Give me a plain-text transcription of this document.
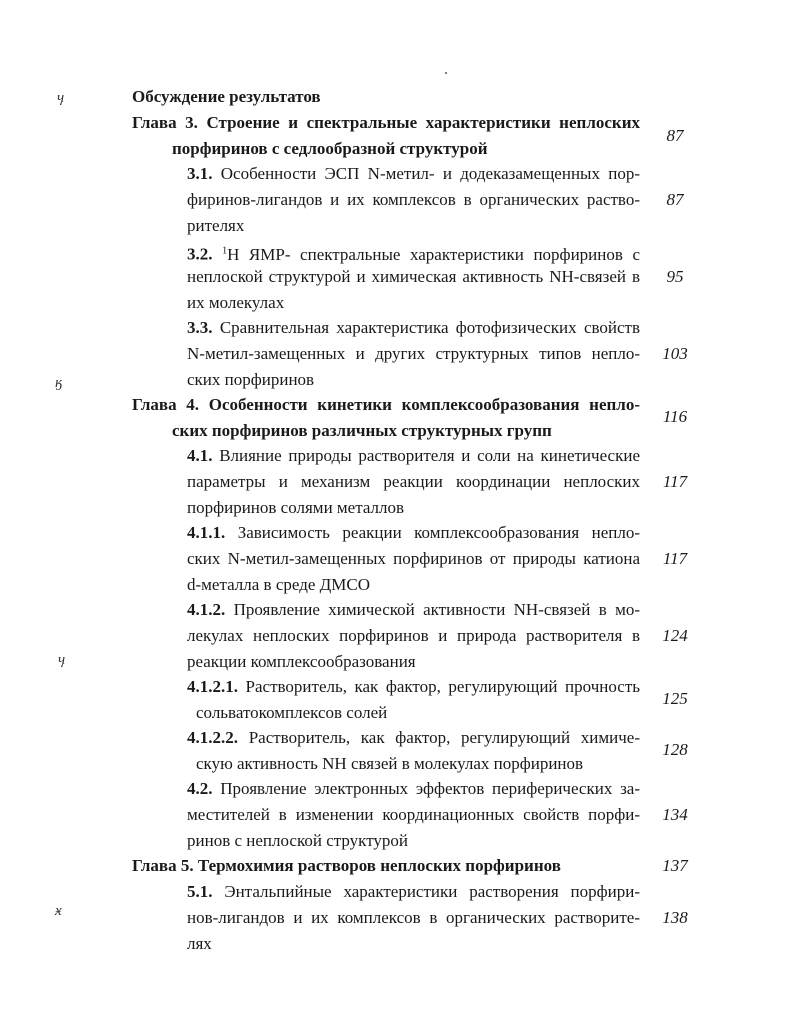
ӌ
ӄ
ӌ
ӿ
Обсуждение результатов
Глава 3. Строение и спектральные характеристики неплоских
порфиринов с седлообразной структурой
87
3.1. Особенности ЭСП N-метил- и додеказамещенных пор-
фиринов-лигандов и их комплексов в органических раство-
рителях
87
3.2. $^1$Н ЯМР- спектральные характеристики порфиринов с
неплоской структурой и химическая активность NH-связей в
их молекулах
95
3.3. Сравнительная характеристика фотофизических свойств
N-метил-замещенных и других структурных типов непло-
ских порфиринов
103
Глава 4. Особенности кинетики комплексообразования непло-
ских порфиринов различных структурных групп
116
4.1. Влияние природы растворителя и соли на кинетические
параметры и механизм реакции координации неплоских
порфиринов солями металлов
117
4.1.1. Зависимость реакции комплексообразования непло-
ских N-метил-замещенных порфиринов от природы катиона
d-металла в среде ДМСО
117
4.1.2. Проявление химической активности NH-связей в мо-
лекулах неплоских порфиринов и природа растворителя в
реакции комплексообразования
124
4.1.2.1. Растворитель, как фактор, регулирующий прочность
сольватокомплексов солей
125
4.1.2.2. Растворитель, как фактор, регулирующий химиче-
скую активность NH связей в молекулах порфиринов
128
4.2. Проявление электронных эффектов периферических за-
местителей в изменении координационных свойств порфи-
ринов с неплоской структурой
134
Глава 5. Термохимия растворов неплоских порфиринов	137
5.1. Энтальпийные характеристики растворения порфири-
нов-лигандов и их комплексов в органических растворите-
лях
138
